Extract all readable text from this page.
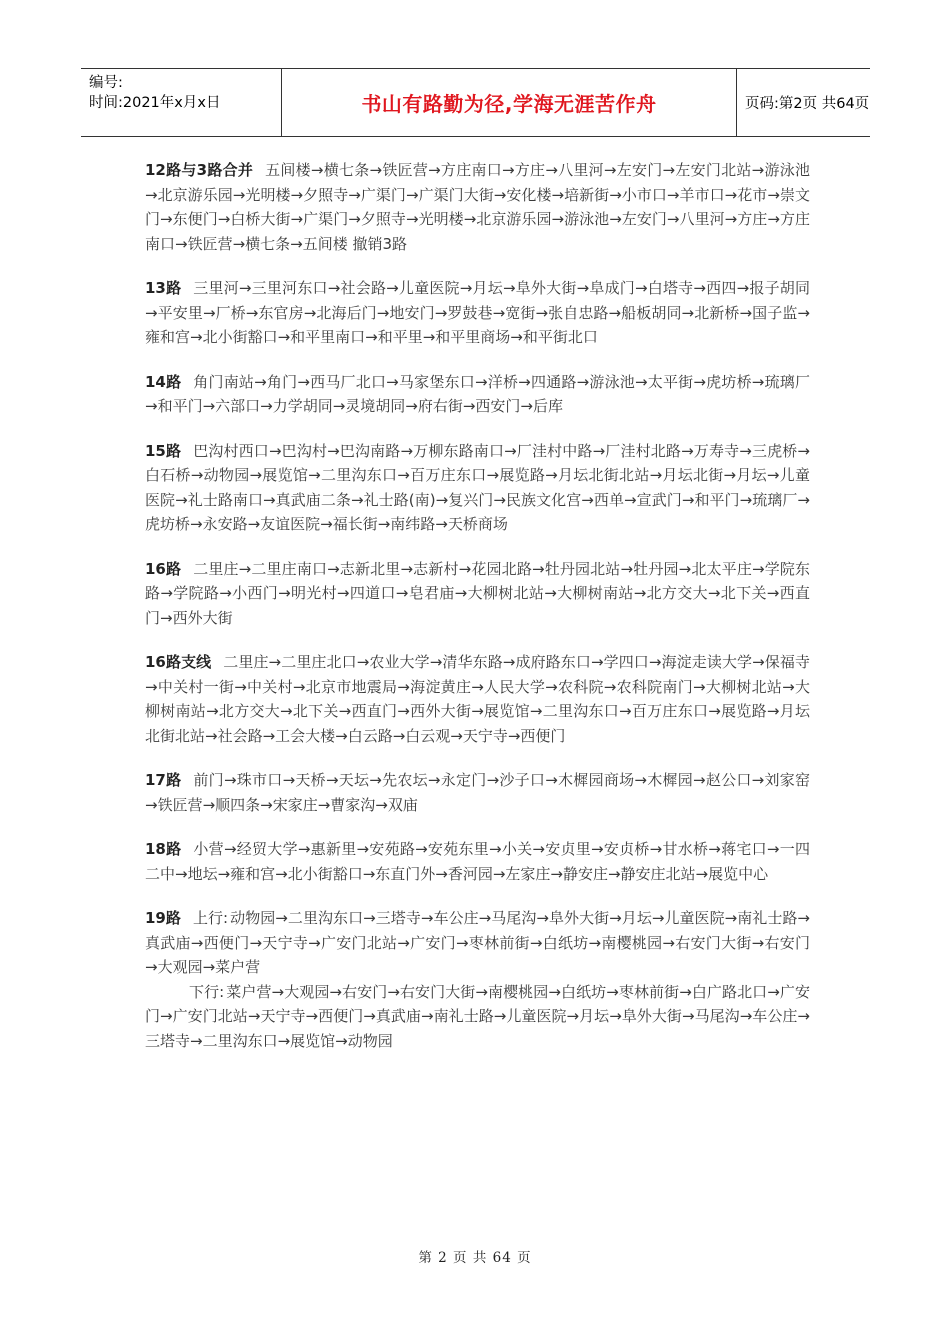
编号:
时间:2021年x月x日	书山有路勤为径,学海无涯苦作舟	页码:第2页 共64页
12路与3路合并 五间楼→横七条→铁匠营→方庄南口→方庄→八里河→左安门→左安门北站→游泳池→北京游乐园→光明楼→夕照寺→广渠门→广渠门大街→安化楼→培新街→小市口→羊市口→花市→崇文门→东便门→白桥大街→广渠门→夕照寺→光明楼→北京游乐园→游泳池→左安门→八里河→方庄→方庄南口→铁匠营→横七条→五间楼 撤销3路
13路 三里河→三里河东口→社会路→儿童医院→月坛→阜外大街→阜成门→白塔寺→西四→报子胡同→平安里→厂桥→东官房→北海后门→地安门→罗鼓巷→宽街→张自忠路→船板胡同→北新桥→国子监→雍和宫→北小街豁口→和平里南口→和平里→和平里商场→和平街北口
14路 角门南站→角门→西马厂北口→马家堡东口→洋桥→四通路→游泳池→太平街→虎坊桥→琉璃厂→和平门→六部口→力学胡同→灵境胡同→府右街→西安门→后库
15路 巴沟村西口→巴沟村→巴沟南路→万柳东路南口→厂洼村中路→厂洼村北路→万寿寺→三虎桥→白石桥→动物园→展览馆→二里沟东口→百万庄东口→展览路→月坛北街北站→月坛北街→月坛→儿童医院→礼士路南口→真武庙二条→礼士路(南)→复兴门→民族文化宫→西单→宣武门→和平门→琉璃厂→虎坊桥→永安路→友谊医院→福长街→南纬路→天桥商场
16路 二里庄→二里庄南口→志新北里→志新村→花园北路→牡丹园北站→牡丹园→北太平庄→学院东路→学院路→小西门→明光村→四道口→皂君庙→大柳树北站→大柳树南站→北方交大→北下关→西直门→西外大街
16路支线 二里庄→二里庄北口→农业大学→清华东路→成府路东口→学四口→海淀走读大学→保福寺→中关村一街→中关村→北京市地震局→海淀黄庄→人民大学→农科院→农科院南门→大柳树北站→大柳树南站→北方交大→北下关→西直门→西外大街→展览馆→二里沟东口→百万庄东口→展览路→月坛北街北站→社会路→工会大楼→白云路→白云观→天宁寺→西便门
17路 前门→珠市口→天桥→天坛→先农坛→永定门→沙子口→木樨园商场→木樨园→赵公口→刘家窑→铁匠营→顺四条→宋家庄→曹家沟→双庙
18路 小营→经贸大学→惠新里→安苑路→安苑东里→小关→安贞里→安贞桥→甘水桥→蒋宅口→一四二中→地坛→雍和宫→北小街豁口→东直门外→香河园→左家庄→静安庄→静安庄北站→展览中心
19路 上行: 动物园→二里沟东口→三塔寺→车公庄→马尾沟→阜外大街→月坛→儿童医院→南礼士路→真武庙→西便门→天宁寺→广安门北站→广安门→枣林前街→白纸坊→南樱桃园→右安门大街→右安门→大观园→菜户营
下行: 菜户营→大观园→右安门→右安门大街→南樱桃园→白纸坊→枣林前街→白广路北口→广安门→广安门北站→天宁寺→西便门→真武庙→南礼士路→儿童医院→月坛→阜外大街→马尾沟→车公庄→三塔寺→二里沟东口→展览馆→动物园
第 2 页 共 64 页
